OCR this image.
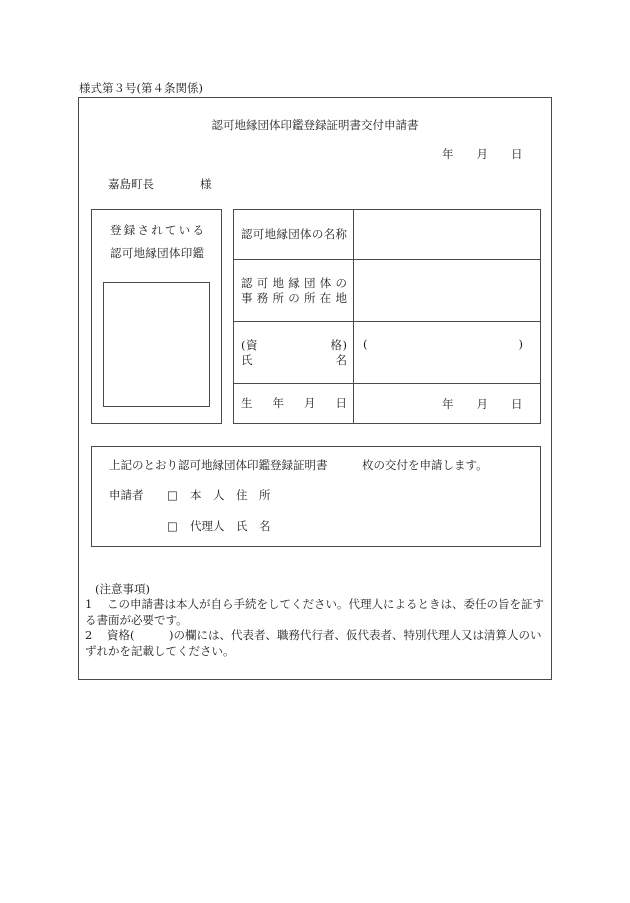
様式第３号(第４条関係)
認可地縁団体印鑑登録証明書交付申請書
年　　月　　日
嘉島町長　　　　様
登録されている
認可地縁団体印鑑
認可地縁団体の名称
認可地縁団体の
事務所の所在地
(資　　　　　　格)
氏　　　　　　　名
(　　　　　　　　　　　　　)
生　年　月　日	年　　月　　日
上記のとおり認可地縁団体印鑑登録証明書　　　枚の交付を申請します。
申請者 □ 本　人　住　所
□ 代理人　氏　名
(注意事項)
1 この申請書は本人が自ら手続をしてください。代理人によるときは、委任の旨を証す
る書面が必要です。
2 資格(　　　)の欄には、代表者、職務代行者、仮代表者、特別代理人又は清算人のい
ずれかを記載してください。
